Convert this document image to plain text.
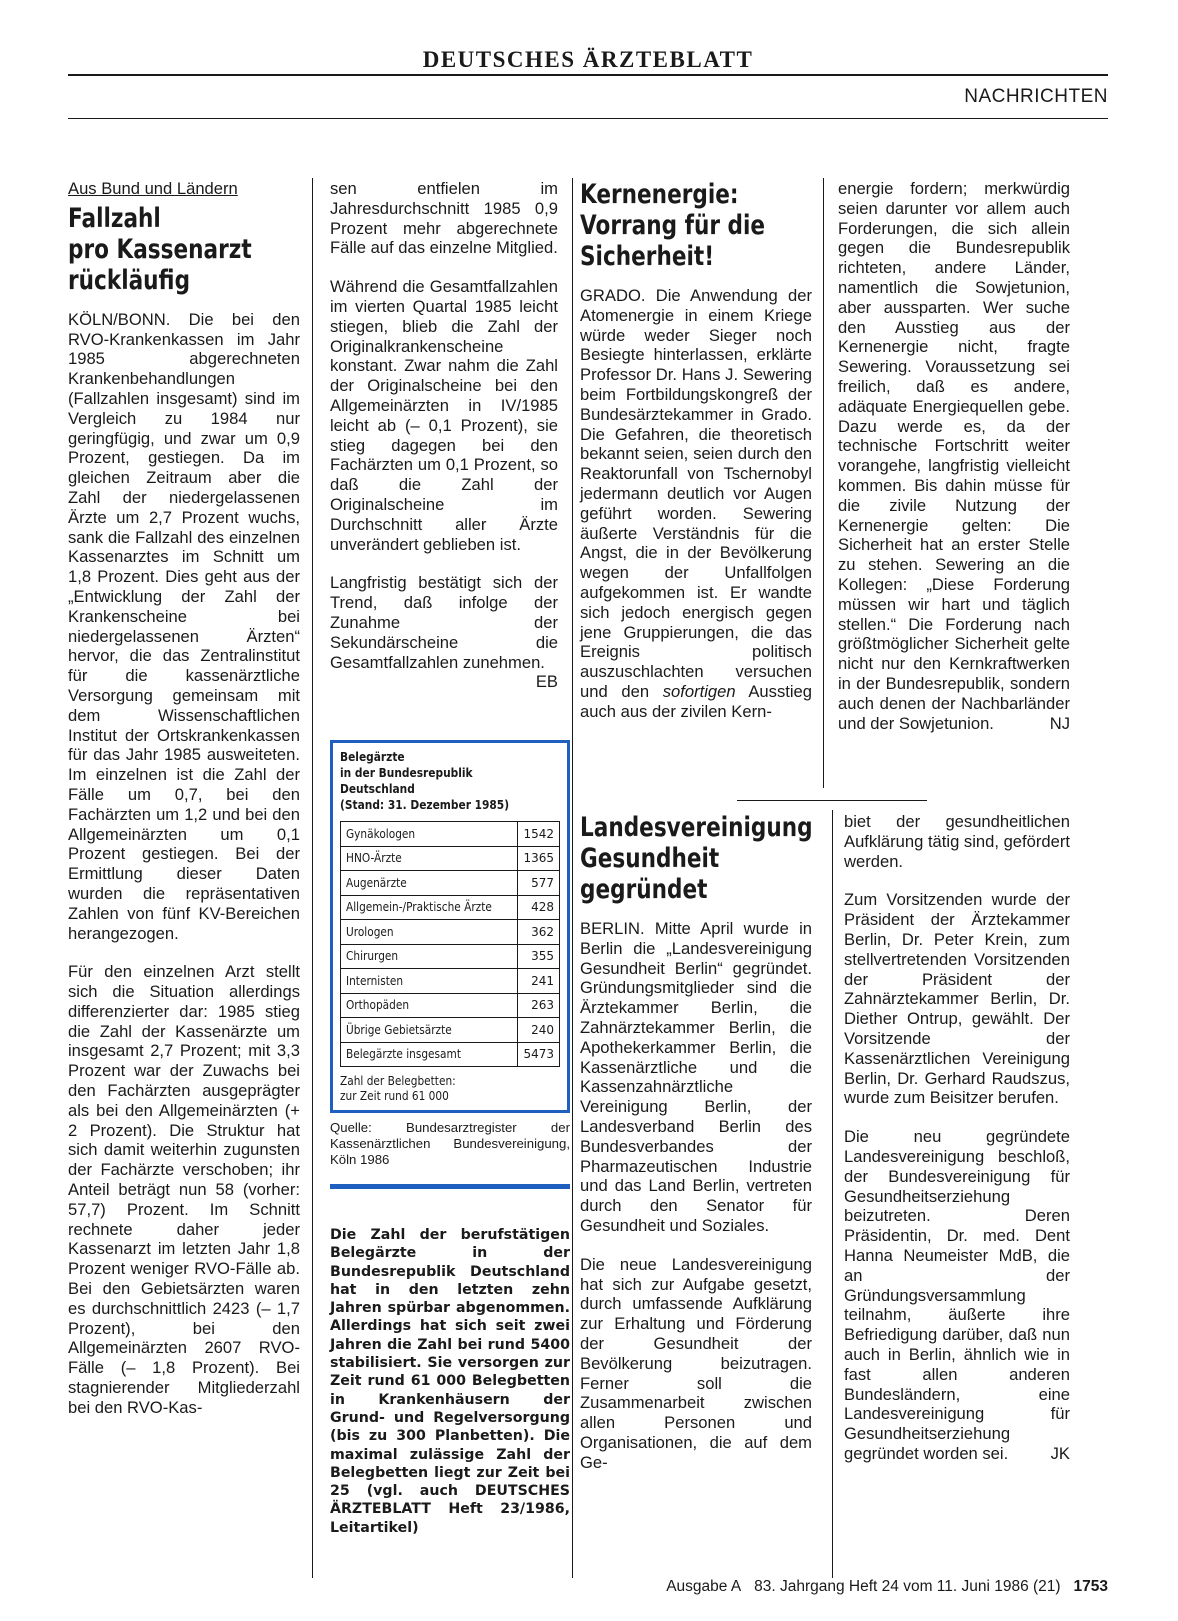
DEUTSCHES ÄRZTEBLATT
NACHRICHTEN
Aus Bund und Ländern
Fallzahl
pro Kassenarzt
rückläufig

KÖLN/BONN. Die bei den RVO-Krankenkassen im Jahr 1985 abgerechneten Krankenbehandlungen (Fallzahlen insgesamt) sind im Vergleich zu 1984 nur geringfügig, und zwar um 0,9 Prozent, gestiegen. Da im gleichen Zeitraum aber die Zahl der niedergelassenen Ärzte um 2,7 Prozent wuchs, sank die Fallzahl des einzelnen Kassenarztes im Schnitt um 1,8 Prozent. Dies geht aus der „Entwicklung der Zahl der Krankenscheine bei niedergelassenen Ärzten“ hervor, die das Zentralinstitut für die kassenärztliche Versorgung gemeinsam mit dem Wissenschaftlichen Institut der Ortskrankenkassen für das Jahr 1985 ausweiteten. Im einzelnen ist die Zahl der Fälle um 0,7, bei den Fachärzten um 1,2 und bei den Allgemeinärzten um 0,1 Prozent gestiegen. Bei der Ermittlung dieser Daten wurden die repräsentativen Zahlen von fünf KV-Bereichen herangezogen.

Für den einzelnen Arzt stellt sich die Situation allerdings differenzierter dar: 1985 stieg die Zahl der Kassenärzte um insgesamt 2,7 Prozent; mit 3,3 Prozent war der Zuwachs bei den Fachärzten ausgeprägter als bei den Allgemeinärzten (+ 2 Prozent). Die Struktur hat sich damit weiterhin zugunsten der Fachärzte verschoben; ihr Anteil beträgt nun 58 (vorher: 57,7) Prozent. Im Schnitt rechnete daher jeder Kassenarzt im letzten Jahr 1,8 Prozent weniger RVO-Fälle ab. Bei den Gebietsärzten waren es durchschnittlich 2423 (– 1,7 Prozent), bei den Allgemeinärzten 2607 RVO-Fälle (– 1,8 Prozent). Bei stagnierender Mitgliederzahl bei den RVO-Kas-

sen entfielen im Jahresdurchschnitt 1985 0,9 Prozent mehr abgerechnete Fälle auf das einzelne Mitglied.

Während die Gesamtfallzahlen im vierten Quartal 1985 leicht stiegen, blieb die Zahl der Originalkrankenscheine konstant. Zwar nahm die Zahl der Originalscheine bei den Allgemeinärzten in IV/1985 leicht ab (– 0,1 Prozent), sie stieg dagegen bei den Fachärzten um 0,1 Prozent, so daß die Zahl der Originalscheine im Durchschnitt aller Ärzte unverändert geblieben ist.

Langfristig bestätigt sich der Trend, daß infolge der Zunahme der Sekundärscheine die Gesamtfallzahlen zunehmen.
EB

Belegärzte
in der Bundesrepublik
Deutschland
(Stand: 31. Dezember 1985)
Gynäkologen	1542
HNO-Ärzte	1365
Augenärzte	577
Allgemein-/Praktische Ärzte	428
Urologen	362
Chirurgen	355
Internisten	241
Orthopäden	263
Übrige Gebietsärzte	240
Belegärzte insgesamt	5473
Zahl der Belegbetten:
zur Zeit rund 61 000
Quelle: Bundesarztregister der Kassenärztlichen Bundesvereinigung, Köln 1986
Die Zahl der berufstätigen Belegärzte in der Bundesrepublik Deutschland hat in den letzten zehn Jahren spürbar abgenommen. Allerdings hat sich seit zwei Jahren die Zahl bei rund 5400 stabilisiert. Sie versorgen zur Zeit rund 61 000 Belegbetten in Krankenhäusern der Grund- und Regelversorgung (bis zu 300 Planbetten). Die maximal zulässige Zahl der Belegbetten liegt zur Zeit bei 25 (vgl. auch DEUTSCHES ÄRZTEBLATT Heft 23/1986, Leitartikel)
Kernenergie:
Vorrang für die
Sicherheit!

GRADO. Die Anwendung der Atomenergie in einem Kriege würde weder Sieger noch Besiegte hinterlassen, erklärte Professor Dr. Hans J. Sewering beim Fortbildungskongreß der Bundesärztekammer in Grado. Die Gefahren, die theoretisch bekannt seien, seien durch den Reaktorunfall von Tschernobyl jedermann deutlich vor Augen geführt worden. Sewering äußerte Verständnis für die Angst, die in der Bevölkerung wegen der Unfallfolgen aufgekommen ist. Er wandte sich jedoch energisch gegen jene Gruppierungen, die das Ereignis politisch auszuschlachten versuchen und den sofortigen Ausstieg auch aus der zivilen Kern-

energie fordern; merkwürdig seien darunter vor allem auch Forderungen, die sich allein gegen die Bundesrepublik richteten, andere Länder, namentlich die Sowjetunion, aber aussparten. Wer suche den Ausstieg aus der Kernenergie nicht, fragte Sewering. Voraussetzung sei freilich, daß es andere, adäquate Energiequellen gebe. Dazu werde es, da der technische Fortschritt weiter vorangehe, langfristig vielleicht kommen. Bis dahin müsse für die zivile Nutzung der Kernenergie gelten: Die Sicherheit hat an erster Stelle zu stehen. Sewering an die Kollegen: „Diese Forderung müssen wir hart und täglich stellen.“ Die Forderung nach größtmöglicher Sicherheit gelte nicht nur den Kernkraftwerken in der Bundesrepublik, sondern auch denen der Nachbarländer und der Sowjetunion.	NJ

Landesvereinigung
Gesundheit
gegründet

BERLIN. Mitte April wurde in Berlin die „Landesvereinigung Gesundheit Berlin“ gegründet. Gründungsmitglieder sind die Ärztekammer Berlin, die Zahnärztekammer Berlin, die Apothekerkammer Berlin, die Kassenärztliche und die Kassenzahnärztliche Vereinigung Berlin, der Landesverband Berlin des Bundesverbandes der Pharmazeutischen Industrie und das Land Berlin, vertreten durch den Senator für Gesundheit und Soziales.

Die neue Landesvereinigung hat sich zur Aufgabe gesetzt, durch umfassende Aufklärung zur Erhaltung und Förderung der Gesundheit der Bevölkerung beizutragen. Ferner soll die Zusammenarbeit zwischen allen Personen und Organisationen, die auf dem Ge-

biet der gesundheitlichen Aufklärung tätig sind, gefördert werden.

Zum Vorsitzenden wurde der Präsident der Ärztekammer Berlin, Dr. Peter Krein, zum stellvertretenden Vorsitzenden der Präsident der Zahnärztekammer Berlin, Dr. Diether Ontrup, gewählt. Der Vorsitzende der Kassenärztlichen Vereinigung Berlin, Dr. Gerhard Raudszus, wurde zum Beisitzer berufen.

Die neu gegründete Landesvereinigung beschloß, der Bundesvereinigung für Gesundheitserziehung beizutreten. Deren Präsidentin, Dr. med. Dent Hanna Neumeister MdB, die an der Gründungsversammlung teilnahm, äußerte ihre Befriedigung darüber, daß nun auch in Berlin, ähnlich wie in fast allen anderen Bundesländern, eine Landesvereinigung für Gesundheitserziehung gegründet worden sei.	JK

Ausgabe A 83. Jahrgang Heft 24 vom 11. Juni 1986 (21) 1753
